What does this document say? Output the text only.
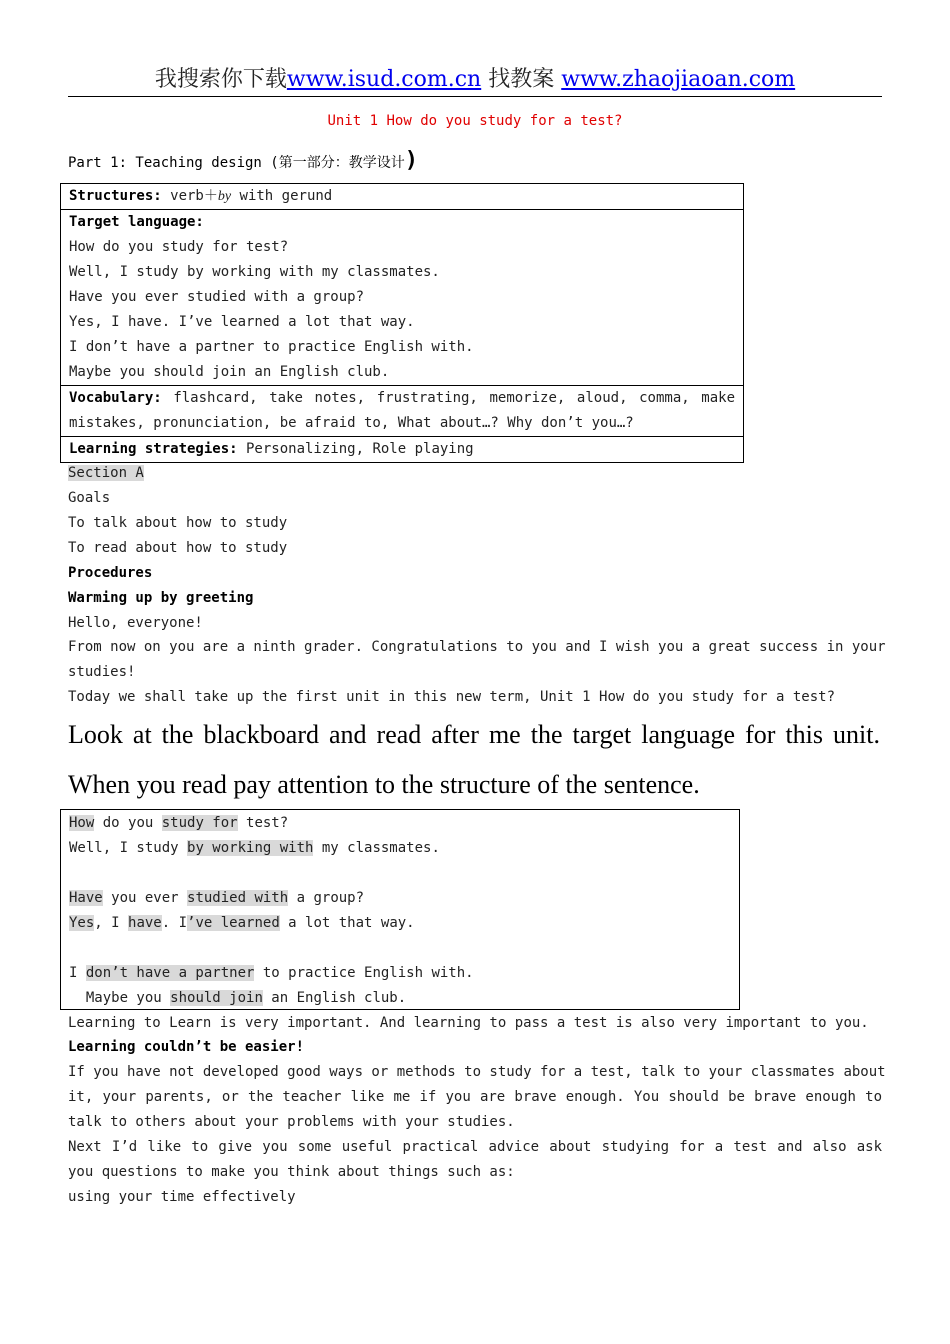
我搜索你下载www.isud.com.cn 找教案 www.zhaojiaoan.com
Unit 1 How do you study for a test?
Part 1: Teaching design (第一部分：教学设计)
Structures: verb＋by with gerund
Target language:
How do you study for test?
Well, I study by working with my classmates.
Have you ever studied with a group?
Yes, I have. I’ve learned a lot that way.
I don’t have a partner to practice English with.
Maybe you should join an English club.
Vocabulary: flashcard, take notes, frustrating, memorize, aloud, comma, make
mistakes, pronunciation, be afraid to, What about…? Why don’t you…?
Learning strategies: Personalizing, Role playing
Section A
Goals
To talk about how to study
To read about how to study
Procedures
Warming up by greeting
Hello, everyone!
From now on you are a ninth grader. Congratulations to you and I wish you a great success in your
studies!
Today we shall take up the first unit in this new term, Unit 1 How do you study for a test?
Look at the blackboard and read after me the target language for this unit.
When you read pay attention to the structure of the sentence.
How do you study for test?
Well, I study by working with my classmates.
Have you ever studied with a group?
Yes, I have. I’ve learned a lot that way.
I don’t have a partner to practice English with.
Maybe you should join an English club.
Learning to Learn is very important. And learning to pass a test is also very important to you.
Learning couldn’t be easier!
If you have not developed good ways or methods to study for a test, talk to your classmates about
it, your parents, or the teacher like me if you are brave enough. You should be brave enough to
talk to others about your problems with your studies.
Next I’d like to give you some useful practical advice about studying for a test and also ask
you questions to make you think about things such as:
using your time effectively
